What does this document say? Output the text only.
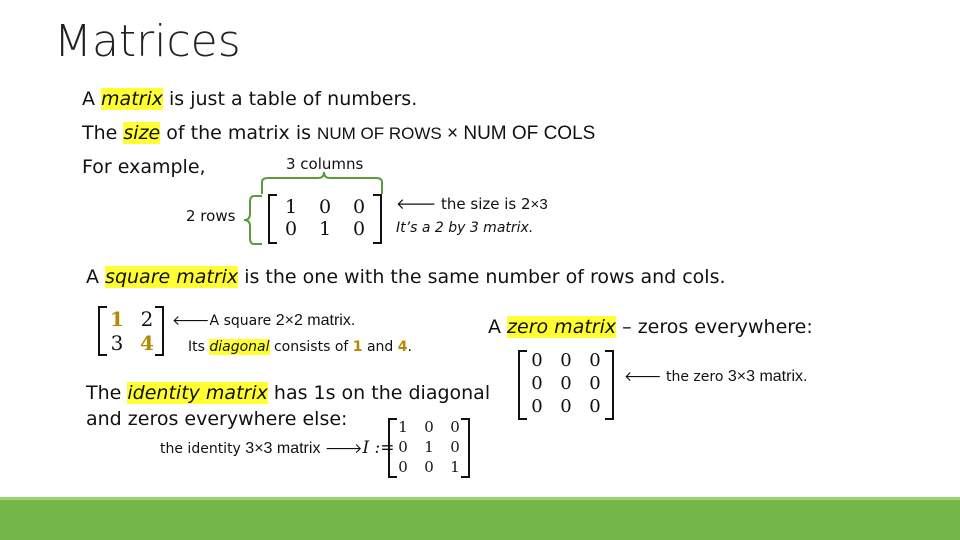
Matrices
A matrix is just a table of numbers.
The size of the matrix is NUM OF ROWS × NUM OF COLS
For example,	3 columns
2 rows	1	0	0
0	1	0
🡐 the size is 2×3
It’s a 2 by 3 matrix.
A square matrix is the one with the same number of rows and cols.
1 2
3 4
🡐A square 2×2 matrix.
Its diagonal consists of 1 and 4.
A zero matrix – zeros everywhere:
0 0 0
0 0 0
0 0 0
🡐 the zero 3×3 matrix.
The identity matrix has 1s on the diagonal
and zeros everywhere else:
the identity 3×3 matrix 🡒I :=
1	0	0
0	1	0
0	0	1
